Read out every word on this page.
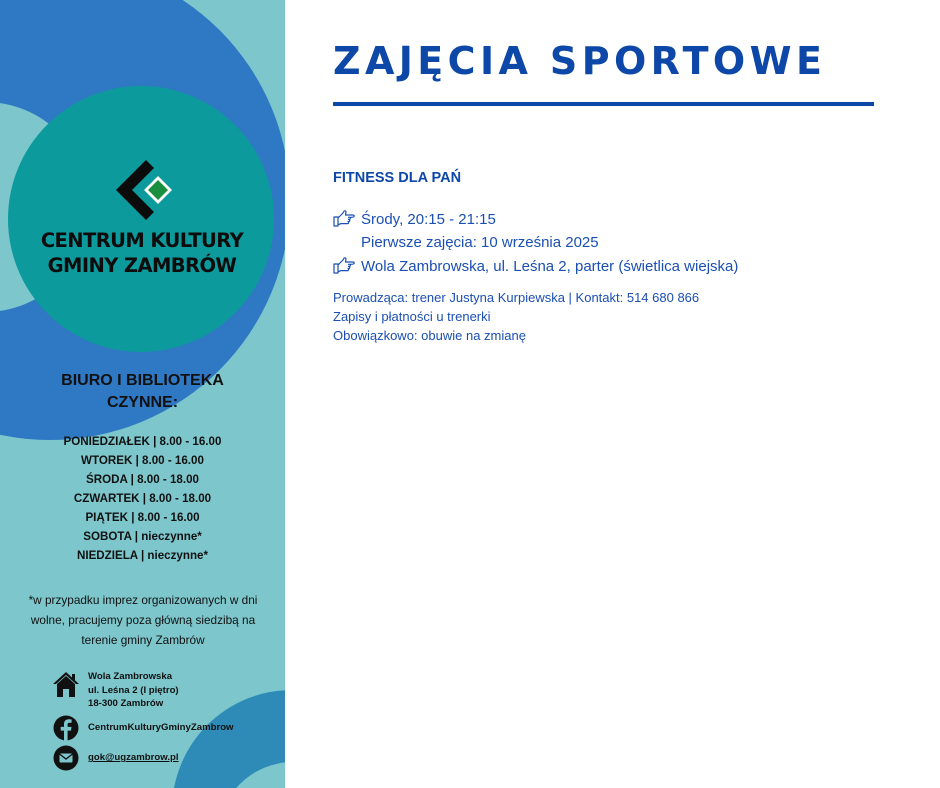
CENTRUM KULTURY
GMINY ZAMBRÓW
BIURO I BIBLIOTEKA
CZYNNE:
PONIEDZIAŁEK | 8.00 - 16.00
WTOREK | 8.00 - 16.00
ŚRODA | 8.00 - 18.00
CZWARTEK | 8.00 - 18.00
PIĄTEK | 8.00 - 16.00
SOBOTA | nieczynne*
NIEDZIELA | nieczynne*
*w przypadku imprez organizowanych w dni
wolne, pracujemy poza główną siedzibą na
terenie gminy Zambrów
Wola Zambrowska
ul. Leśna 2 (I piętro)
18-300 Zambrów
CentrumKulturyGminyZambrow
gok@ugzambrow.pl
ZAJĘCIA SPORTOWE
FITNESS DLA PAŃ
Środy, 20:15 - 21:15
Pierwsze zajęcia: 10 września 2025
Wola Zambrowska, ul. Leśna 2, parter (świetlica wiejska)
Prowadząca: trener Justyna Kurpiewska | Kontakt: 514 680 866
Zapisy i płatności u trenerki
Obowiązkowo: obuwie na zmianę
